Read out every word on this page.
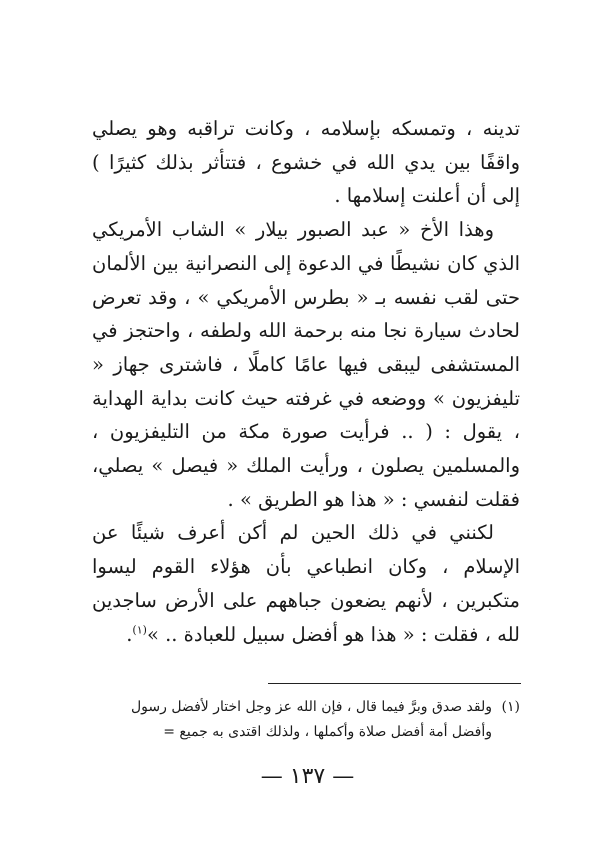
تدينه ، وتمسكه بإسلامه ، وكانت تراقبه وهو يصلي واقفًا بين يدي الله في خشوع ، فتتأثر بذلك كثيرًا ) إلى أن أعلنت إسلامها .

وهذا الأخ « عبد الصبور بيلار » الشاب الأمريكي الذي كان نشيطًا في الدعوة إلى النصرانية بين الألمان حتى لقب نفسه بـ « بطرس الأمريكي » ، وقد تعرض لحادث سيارة نجا منه برحمة الله ولطفه ، واحتجز في المستشفى ليبقى فيها عامًا كاملًا ، فاشترى جهاز « تليفزيون » ووضعه في غرفته حيث كانت بداية الهداية ، يقول : ( .. فرأيت صورة مكة من التليفزيون ، والمسلمين يصلون ، ورأيت الملك « فيصل » يصلي، فقلت لنفسي : « هذا هو الطريق » .

لكنني في ذلك الحين لم أكن أعرف شيئًا عن الإسلام ، وكان انطباعي بأن هؤلاء القوم ليسوا متكبرين ، لأنهم يضعون جباههم على الأرض ساجدين لله ، فقلت : « هذا هو أفضل سبيل للعبادة .. »$^{(١)}$.

(١)ولقد صدق وبرَّ فيما قال ، فإن الله عز وجل اختار لأفضل رسول
وأفضل أمة أفضل صلاة وأكملها ، ولذلك اقتدى به جميع =
— ١٣٧ —
